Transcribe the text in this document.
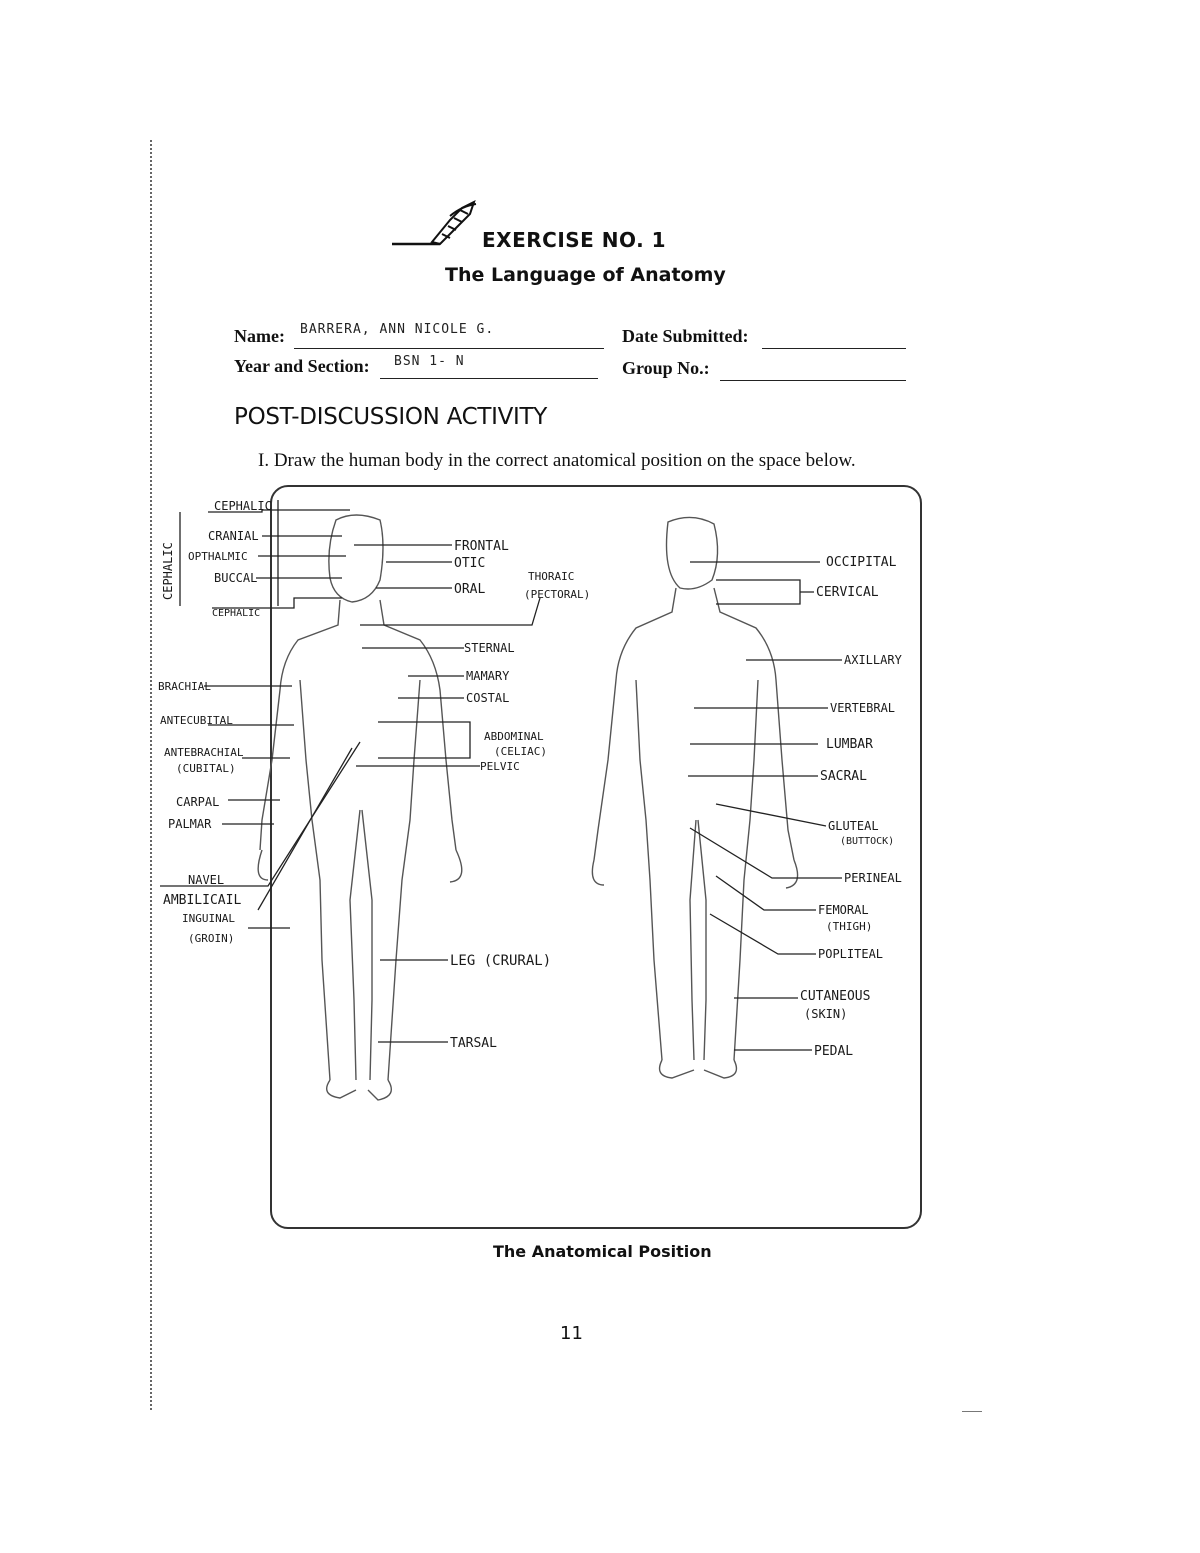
EXERCISE NO. 1
The Language of Anatomy
Name: BARRERA, ANN NICOLE G.	Date Submitted:
Year and Section: BSN 1- N	Group No.:
POST-DISCUSSION ACTIVITY
I. Draw the human body in the correct anatomical position on the space below.
CEPHALIC
CEPHALIC
CRANIAL
OPTHALMIC
BUCCAL
CEPHALIC
FRONTAL
OTIC
ORAL
THORAIC
(PECTORAL)
STERNAL
MAMARY
COSTAL
ABDOMINAL
(CELIAC)
PELVIC
BRACHIAL
ANTECUBITAL
ANTEBRACHIAL
(CUBITAL)
CARPAL
PALMAR
NAVEL
AMBILICAIL
INGUINAL
(GROIN)
LEG (CRURAL)
TARSAL
OCCIPITAL
CERVICAL
AXILLARY
VERTEBRAL
LUMBAR
SACRAL
GLUTEAL
(BUTTOCK)
PERINEAL
FEMORAL
(THIGH)
POPLITEAL
CUTANEOUS
(SKIN)
PEDAL
The Anatomical Position
11
